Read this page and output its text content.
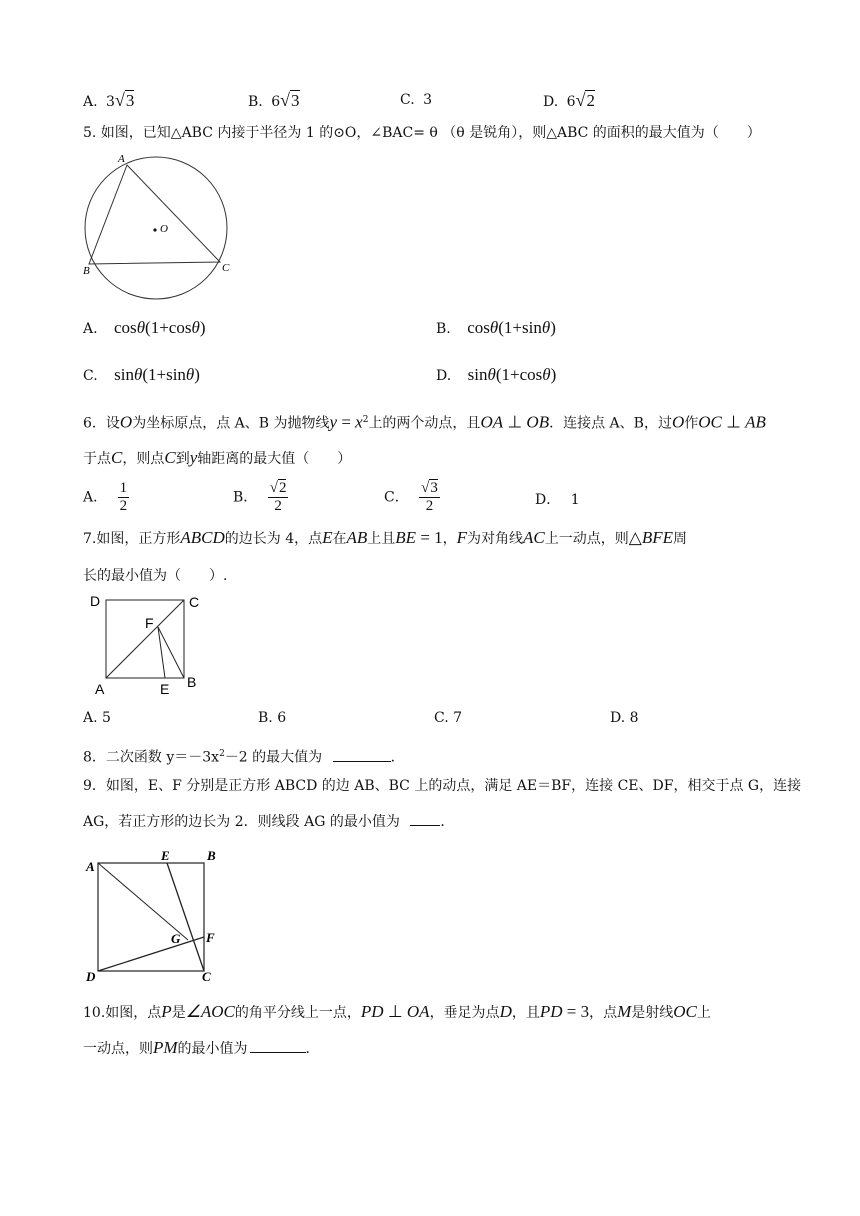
A. 3√3	B. 6√3	C. 3	D. 6√2
5. 如图，已知△ABC 内接于半径为 1 的⊙O，∠BAC= θ （θ 是锐角），则△ABC 的面积的最大值为（　　）
A
O
B	C
A. cosθ(1+cosθ)	B. cosθ(1+sinθ)
C. sinθ(1+sinθ)	D. sinθ(1+cosθ)
6．设O为坐标原点，点 A、B 为抛物线$y = x^2$上的两个动点，且OA ⊥ OB．连接点 A、B，过O作OC ⊥ AB
于点C，则点C到y轴距离的最大值（　　）
A． $\frac{1}{2}$	B． $\frac{√2}{2}$	C． $\frac{√3}{2}$	D． 1
7.如图，正方形ABCD的边长为 4，点E在AB上且BE = 1，F为对角线AC上一动点，则△BFE周
长的最小值为（　　）.
D	C
F
A	E B
A. 5	B. 6	C. 7	D. 8
8．二次函数 $y=-3x^2-2$ 的最大值为	．
9．如图，E、F 分别是正方形 ABCD 的边 AB、BC 上的动点，满足 AE＝BF，连接 CE、DF，相交于点 G，连接
AG，若正方形的边长为 2．则线段 AG 的最小值为	．
A
E	B
G F
D	C
10.如图，点P是∠AOC的角平分线上一点，PD ⊥ OA，垂足为点D，且PD = 3，点M是射线OC上
一动点，则PM的最小值为	．
